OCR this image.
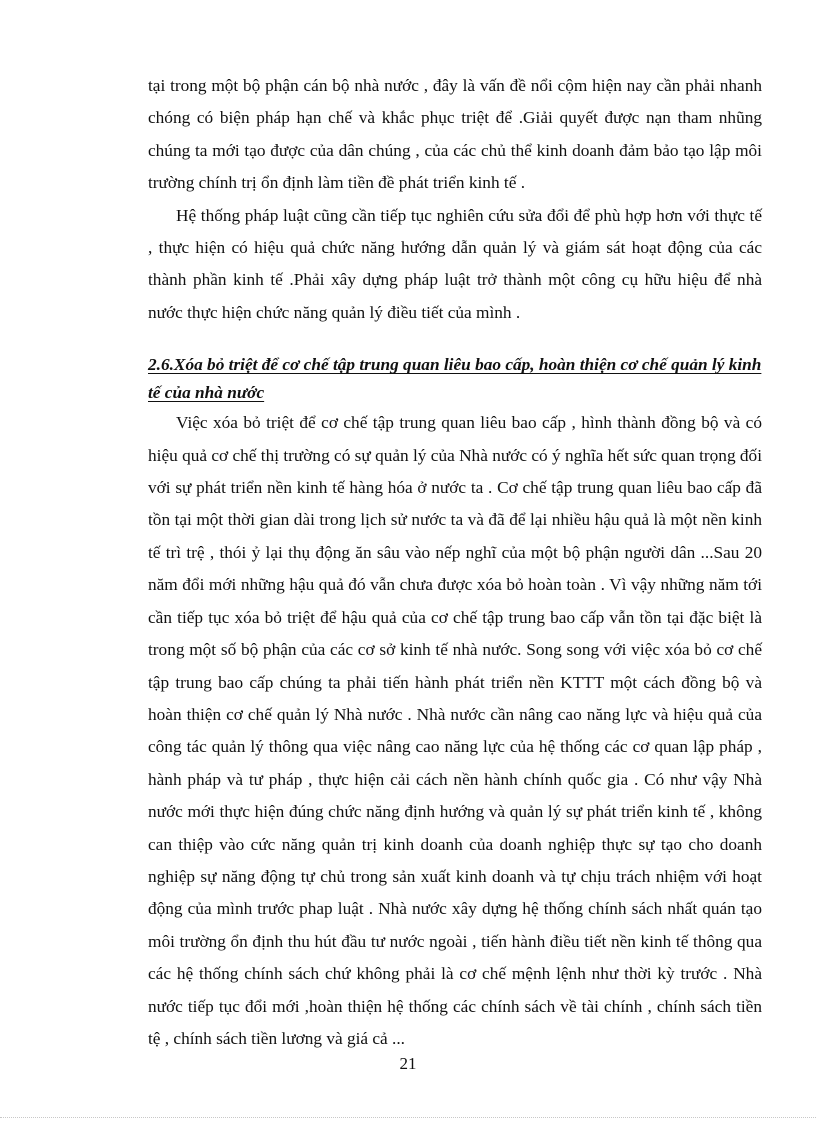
tại trong một bộ phận cán bộ nhà nước , đây là vấn đề nổi cộm hiện nay cần phải nhanh chóng có biện pháp hạn chế và khắc phục triệt để .Giải quyết được nạn tham nhũng chúng ta mới tạo được của dân chúng , của các chủ thể kinh doanh đảm bảo tạo lập môi trường chính trị ổn định làm tiền đề phát triển kinh tế .

Hệ thống pháp luật cũng cần tiếp tục nghiên cứu sửa đổi để phù hợp hơn với thực tế , thực hiện có hiệu quả chức năng hướng dẫn quản lý và giám sát hoạt động của các thành phần kinh tế .Phải xây dựng pháp luật trở thành một công cụ hữu hiệu để nhà nước thực hiện chức năng quản lý điều tiết của mình .

2.6.Xóa bỏ triệt để cơ chế tập trung quan liêu bao cấp, hoàn thiện cơ chế quản lý kinh tế của nhà nước

Việc xóa bỏ triệt để cơ chế tập trung quan liêu bao cấp , hình thành đồng bộ và có hiệu quả cơ chế thị trường có sự quản lý của Nhà nước có ý nghĩa hết sức quan trọng đối với sự phát triển nền kinh tế hàng hóa ở nước ta . Cơ chế tập trung quan liêu bao cấp đã tồn tại một thời gian dài trong lịch sử nước ta và đã để lại nhiều hậu quả là một nền kinh tế trì trệ , thói ỷ lại thụ động ăn sâu vào nếp nghĩ của một bộ phận người dân ...Sau 20 năm đổi mới những hậu quả đó vẫn chưa được xóa bỏ hoàn toàn . Vì vậy những năm tới cần tiếp tục xóa bỏ triệt để hậu quả của cơ chế tập trung bao cấp vẫn tồn tại đặc biệt là trong một số bộ phận của các cơ sở kinh tế nhà nước. Song song với việc xóa bỏ cơ chế tập trung bao cấp chúng ta phải tiến hành phát triển nền KTTT một cách đồng bộ và hoàn thiện cơ chế quản lý Nhà nước . Nhà nước cần nâng cao năng lực và hiệu quả của công tác quản lý thông qua việc nâng cao năng lực của hệ thống các cơ quan lập pháp , hành pháp và tư pháp , thực hiện cải cách nền hành chính quốc gia . Có như vậy Nhà nước mới thực hiện đúng chức năng định hướng và quản lý sự phát triển kinh tế , không can thiệp vào cức năng quản trị kinh doanh của doanh nghiệp thực sự tạo cho doanh nghiệp sự năng động tự chủ trong sản xuất kinh doanh và tự chịu trách nhiệm với hoạt động của mình trước phap luật . Nhà nước xây dựng hệ thống chính sách nhất quán tạo môi trường ổn định thu hút đầu tư nước ngoài , tiến hành điều tiết nền kinh tế thông qua các hệ thống chính sách chứ không phải là cơ chế mệnh lệnh như thời kỳ trước . Nhà nước tiếp tục đổi mới ,hoàn thiện hệ thống các chính sách về tài chính , chính sách tiền tệ , chính sách tiền lương và giá cả ...

21
